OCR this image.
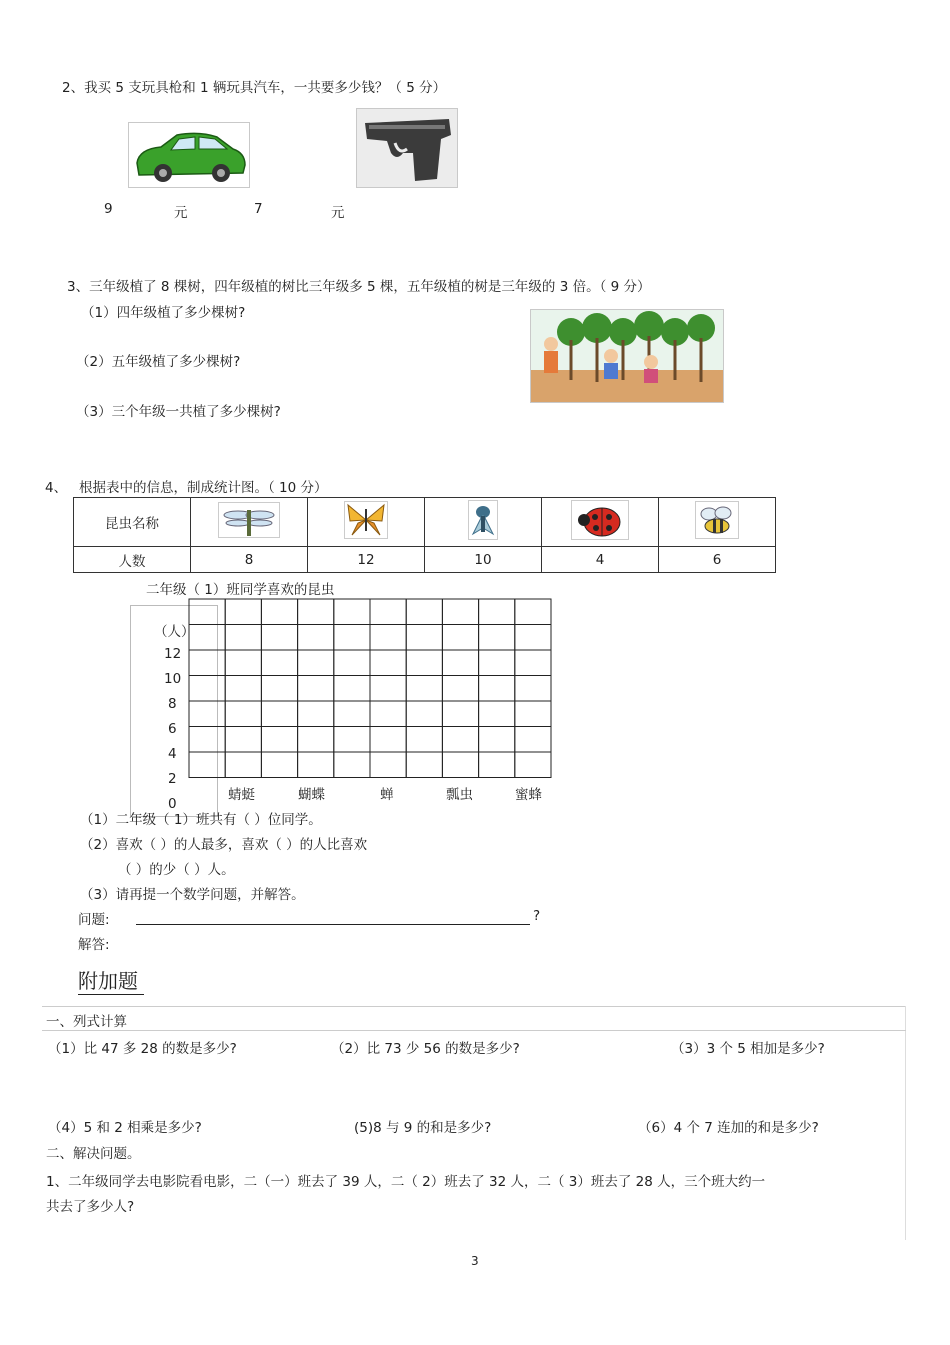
2、我买 5 支玩具枪和 1 辆玩具汽车，一共要多少钱？（ 5 分）
9	元	7	元
3、三年级植了 8 棵树，四年级植的树比三年级多 5 棵，五年级植的树是三年级的 3 倍。（ 9 分）
（1）四年级植了多少棵树?
（2）五年级植了多少棵树?
（3）三个年级一共植了多少棵树?
4、 根据表中的信息，制成统计图。（ 10 分）
昆虫名称					
人数	8	12	10	4	6
二年级（ 1）班同学喜欢的昆虫
（人）
12
10
8
6
4
2
0
蜻蜓	蝴蝶	蝉	瓢虫	蜜蜂
（1）二年级（ 1）班共有（ ）位同学。
（2）喜欢（ ）的人最多，喜欢（ ）的人比喜欢
（ ）的少（ ）人。
（3）请再提一个数学问题，并解答。
问题:	?
解答:
附加题
一、列式计算
（1）比 47 多 28 的数是多少?	（2）比 73 少 56 的数是多少?	（3）3 个 5 相加是多少?
（4）5 和 2 相乘是多少?	(5)8 与 9 的和是多少?	（6）4 个 7 连加的和是多少?
二、解决问题。
1、二年级同学去电影院看电影，二（一）班去了 39 人，二（ 2）班去了 32 人，二（ 3）班去了 28 人，三个班大约一
共去了多少人?
3
